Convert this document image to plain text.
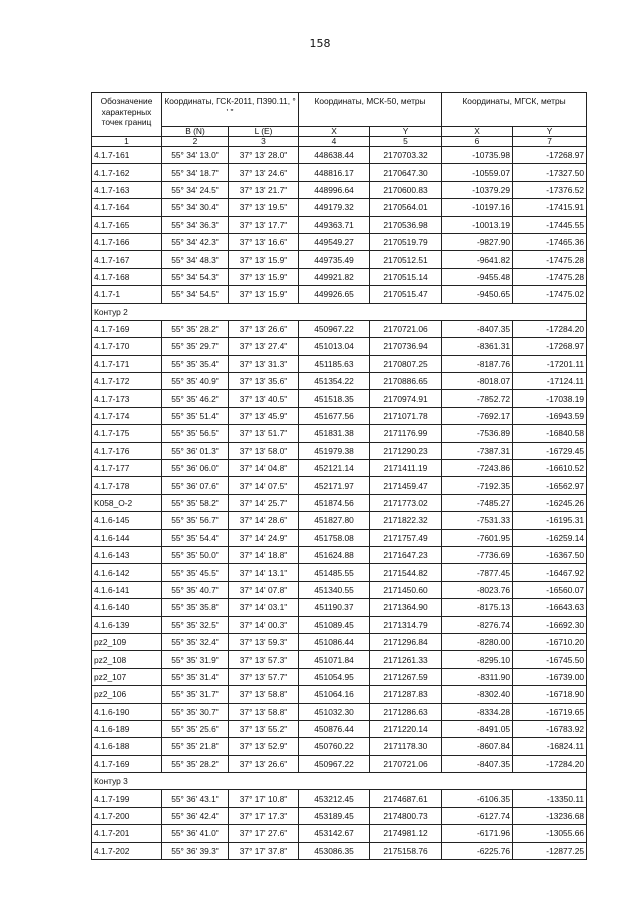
158
Обозначение характерных точек границ	Координаты, ГСК-2011, П390.11, ° ' "		Координаты, МСК-50, метры		Координаты, МГСК, метры	
	B (N)	L (E)	X	Y	X	Y
1	2	3	4	5	6	7
4.1.7-161	55° 34' 13.0"	37° 13' 28.0"	448638.44	2170703.32	-10735.98	-17268.97
4.1.7-162	55° 34' 18.7"	37° 13' 24.6"	448816.17	2170647.30	-10559.07	-17327.50
4.1.7-163	55° 34' 24.5"	37° 13' 21.7"	448996.64	2170600.83	-10379.29	-17376.52
4.1.7-164	55° 34' 30.4"	37° 13' 19.5"	449179.32	2170564.01	-10197.16	-17415.91
4.1.7-165	55° 34' 36.3"	37° 13' 17.7"	449363.71	2170536.98	-10013.19	-17445.55
4.1.7-166	55° 34' 42.3"	37° 13' 16.6"	449549.27	2170519.79	-9827.90	-17465.36
4.1.7-167	55° 34' 48.3"	37° 13' 15.9"	449735.49	2170512.51	-9641.82	-17475.28
4.1.7-168	55° 34' 54.3"	37° 13' 15.9"	449921.82	2170515.14	-9455.48	-17475.28
4.1.7-1	55° 34' 54.5"	37° 13' 15.9"	449926.65	2170515.47	-9450.65	-17475.02
Контур 2						
4.1.7-169	55° 35' 28.2"	37° 13' 26.6"	450967.22	2170721.06	-8407.35	-17284.20
4.1.7-170	55° 35' 29.7"	37° 13' 27.4"	451013.04	2170736.94	-8361.31	-17268.97
4.1.7-171	55° 35' 35.4"	37° 13' 31.3"	451185.63	2170807.25	-8187.76	-17201.11
4.1.7-172	55° 35' 40.9"	37° 13' 35.6"	451354.22	2170886.65	-8018.07	-17124.11
4.1.7-173	55° 35' 46.2"	37° 13' 40.5"	451518.35	2170974.91	-7852.72	-17038.19
4.1.7-174	55° 35' 51.4"	37° 13' 45.9"	451677.56	2171071.78	-7692.17	-16943.59
4.1.7-175	55° 35' 56.5"	37° 13' 51.7"	451831.38	2171176.99	-7536.89	-16840.58
4.1.7-176	55° 36' 01.3"	37° 13' 58.0"	451979.38	2171290.23	-7387.31	-16729.45
4.1.7-177	55° 36' 06.0"	37° 14' 04.8"	452121.14	2171411.19	-7243.86	-16610.52
4.1.7-178	55° 36' 07.6"	37° 14' 07.5"	452171.97	2171459.47	-7192.35	-16562.97
K058_O-2	55° 35' 58.2"	37° 14' 25.7"	451874.56	2171773.02	-7485.27	-16245.26
4.1.6-145	55° 35' 56.7"	37° 14' 28.6"	451827.80	2171822.32	-7531.33	-16195.31
4.1.6-144	55° 35' 54.4"	37° 14' 24.9"	451758.08	2171757.49	-7601.95	-16259.14
4.1.6-143	55° 35' 50.0"	37° 14' 18.8"	451624.88	2171647.23	-7736.69	-16367.50
4.1.6-142	55° 35' 45.5"	37° 14' 13.1"	451485.55	2171544.82	-7877.45	-16467.92
4.1.6-141	55° 35' 40.7"	37° 14' 07.8"	451340.55	2171450.60	-8023.76	-16560.07
4.1.6-140	55° 35' 35.8"	37° 14' 03.1"	451190.37	2171364.90	-8175.13	-16643.63
4.1.6-139	55° 35' 32.5"	37° 14' 00.3"	451089.45	2171314.79	-8276.74	-16692.30
pz2_109	55° 35' 32.4"	37° 13' 59.3"	451086.44	2171296.84	-8280.00	-16710.20
pz2_108	55° 35' 31.9"	37° 13' 57.3"	451071.84	2171261.33	-8295.10	-16745.50
pz2_107	55° 35' 31.4"	37° 13' 57.7"	451054.95	2171267.59	-8311.90	-16739.00
pz2_106	55° 35' 31.7"	37° 13' 58.8"	451064.16	2171287.83	-8302.40	-16718.90
4.1.6-190	55° 35' 30.7"	37° 13' 58.8"	451032.30	2171286.63	-8334.28	-16719.65
4.1.6-189	55° 35' 25.6"	37° 13' 55.2"	450876.44	2171220.14	-8491.05	-16783.92
4.1.6-188	55° 35' 21.8"	37° 13' 52.9"	450760.22	2171178.30	-8607.84	-16824.11
4.1.7-169	55° 35' 28.2"	37° 13' 26.6"	450967.22	2170721.06	-8407.35	-17284.20
Контур 3						
4.1.7-199	55° 36' 43.1"	37° 17' 10.8"	453212.45	2174687.61	-6106.35	-13350.11
4.1.7-200	55° 36' 42.4"	37° 17' 17.3"	453189.45	2174800.73	-6127.74	-13236.68
4.1.7-201	55° 36' 41.0"	37° 17' 27.6"	453142.67	2174981.12	-6171.96	-13055.66
4.1.7-202	55° 36' 39.3"	37° 17' 37.8"	453086.35	2175158.76	-6225.76	-12877.25
